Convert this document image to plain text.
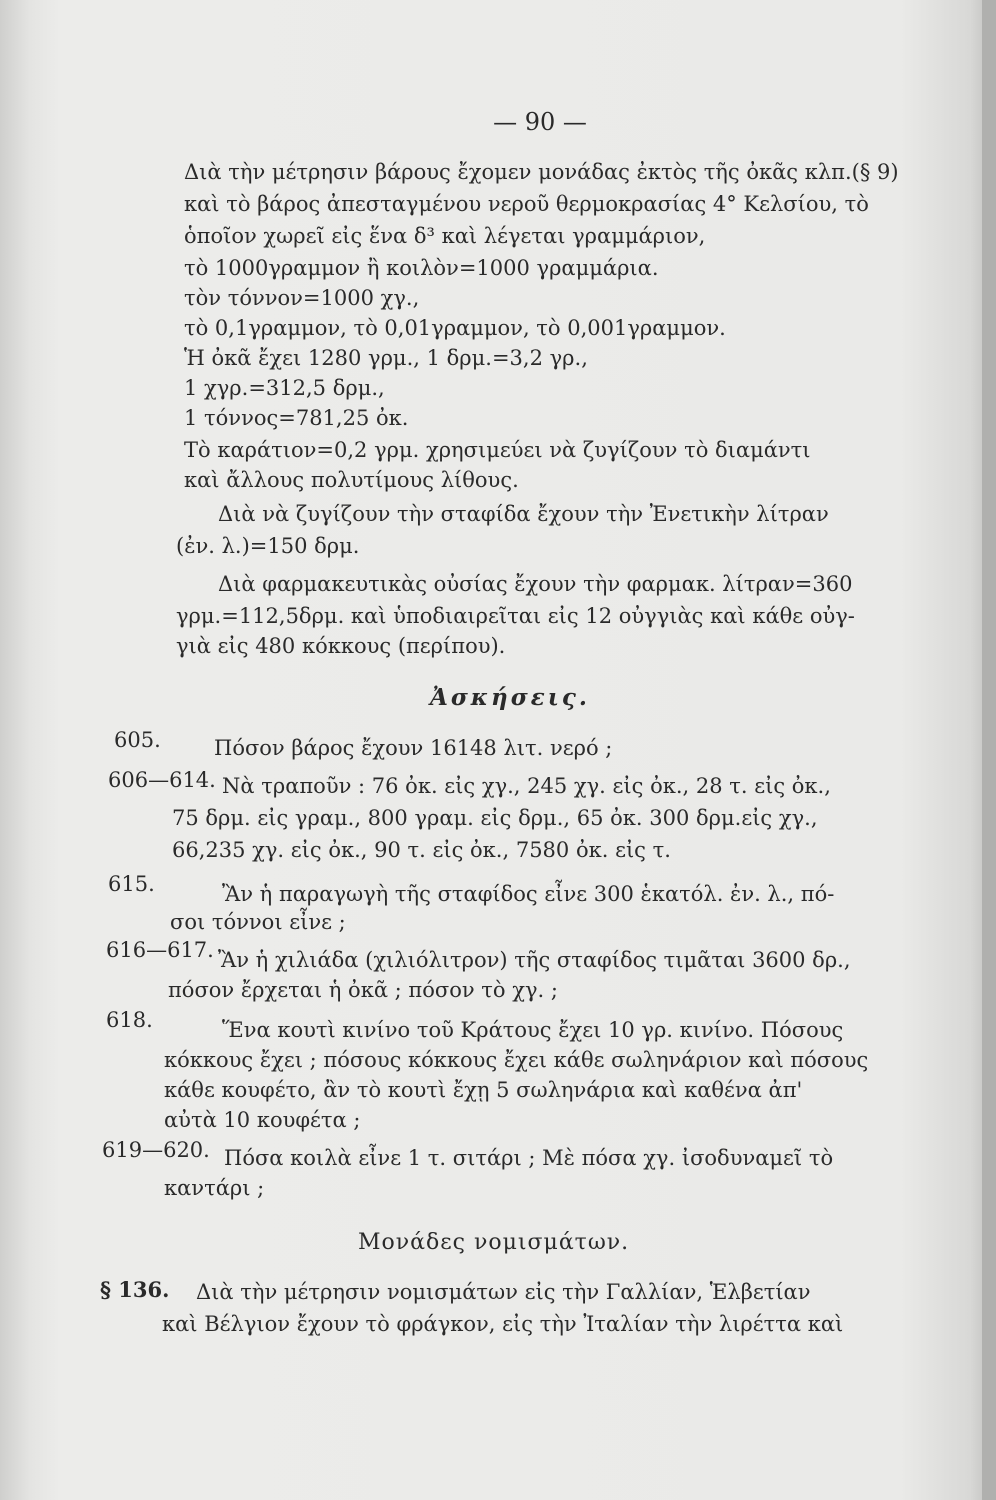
— 90 —
Διὰ τὴν μέτρησιν βάρους ἔχομεν μονάδας ἐκτὸς τῆς ὀκᾶς κλπ.(§ 9)
καὶ τὸ βάρος ἀπεσταγμένου νεροῦ θερμοκρασίας 4° Κελσίου, τὸ
ὁποῖον χωρεῖ εἰς ἕνα δ³ καὶ λέγεται γραμμάριον,
τὸ 1000γραμμον ἢ κοιλὸν=1000 γραμμάρια.
τὸν τόννον=1000 χγ.,
τὸ 0,1γραμμον, τὸ 0,01γραμμον, τὸ 0,001γραμμον.
Ἡ ὀκᾶ ἔχει 1280 γρμ., 1 δρμ.=3,2 γρ.,
1 χγρ.=312,5 δρμ.,
1 τόννος=781,25 ὀκ.
Τὸ καράτιον=0,2 γρμ. χρησιμεύει νὰ ζυγίζουν τὸ διαμάντι
καὶ ἄλλους πολυτίμους λίθους.
Διὰ νὰ ζυγίζουν τὴν σταφίδα ἔχουν τὴν Ἐνετικὴν λίτραν
(ἐν. λ.)=150 δρμ.
Διὰ φαρμακευτικὰς οὐσίας ἔχουν τὴν φαρμακ. λίτραν=360
γρμ.=112,5δρμ. καὶ ὑποδιαιρεῖται εἰς 12 οὐγγιὰς καὶ κάθε οὐγ-
γιὰ εἰς 480 κόκκους (περίπου).
Ἀσκήσεις.
605.	Πόσον βάρος ἔχουν 16148 λιτ. νερό ;
606—614. Νὰ τραποῦν : 76 ὀκ. εἰς χγ., 245 χγ. εἰς ὀκ., 28 τ. εἰς ὀκ.,
75 δρμ. εἰς γραμ., 800 γραμ. εἰς δρμ., 65 ὀκ. 300 δρμ.εἰς χγ.,
66,235 χγ. εἰς ὀκ., 90 τ. εἰς ὀκ., 7580 ὀκ. εἰς τ.
615.	Ἂν ἡ παραγωγὴ τῆς σταφίδος εἶνε 300 ἑκατόλ. ἐν. λ., πό-
σοι τόννοι εἶνε ;
616—617. Ἂν ἡ χιλιάδα (χιλιόλιτρον) τῆς σταφίδος τιμᾶται 3600 δρ.,
πόσον ἔρχεται ἡ ὀκᾶ ; πόσον τὸ χγ. ;
618.	Ἕνα κουτὶ κινίνο τοῦ Κράτους ἔχει 10 γρ. κινίνο. Πόσους
κόκκους ἔχει ; πόσους κόκκους ἔχει κάθε σωληνάριον καὶ πόσους
κάθε κουφέτο, ἂν τὸ κουτὶ ἔχῃ 5 σωληνάρια καὶ καθένα ἀπ'
αὐτὰ 10 κουφέτα ;
619—620. Πόσα κοιλὰ εἶνε 1 τ. σιτάρι ; Μὲ πόσα χγ. ἰσοδυναμεῖ τὸ
καντάρι ;
Μονάδες νομισμάτων.
§ 136. Διὰ τὴν μέτρησιν νομισμάτων εἰς τὴν Γαλλίαν, Ἑλβετίαν
καὶ Βέλγιον ἔχουν τὸ φράγκον, εἰς τὴν Ἰταλίαν τὴν λιρέττα καὶ
